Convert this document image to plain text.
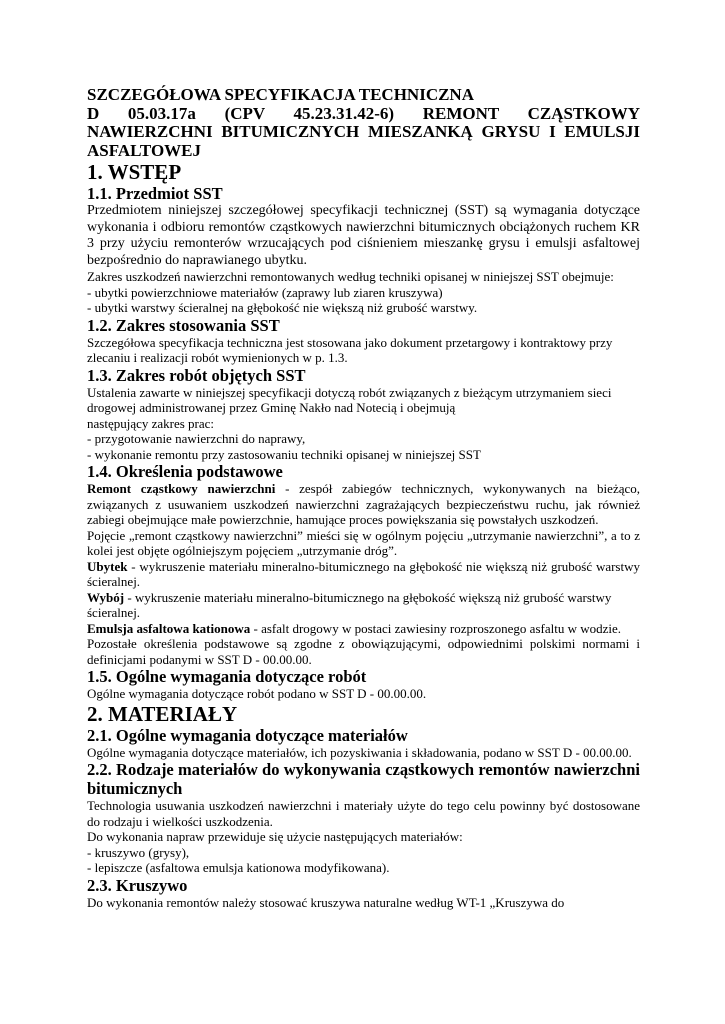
SZCZEGÓŁOWA SPECYFIKACJA TECHNICZNA

D 05.03.17a (CPV 45.23.31.42-6) REMONT CZĄSTKOWY NAWIERZCHNI BITUMICZNYCH MIESZANKĄ GRYSU I EMULSJI ASFALTOWEJ

1. WSTĘP

1.1. Przedmiot SST

Przedmiotem niniejszej szczegółowej specyfikacji technicznej (SST) są wymagania dotyczące wykonania i odbioru remontów cząstkowych nawierzchni bitumicznych obciążonych ruchem KR 3 przy użyciu remonterów wrzucających pod ciśnieniem mieszankę grysu i emulsji asfaltowej bezpośrednio do naprawianego ubytku.

Zakres uszkodzeń nawierzchni remontowanych według techniki opisanej w niniejszej SST obejmuje:

- ubytki powierzchniowe materiałów (zaprawy lub ziaren kruszywa)

- ubytki warstwy ścieralnej na głębokość nie większą niż grubość warstwy.

1.2. Zakres stosowania SST

Szczegółowa specyfikacja techniczna jest stosowana jako dokument przetargowy i kontraktowy przy zlecaniu i realizacji robót wymienionych w p. 1.3.

1.3. Zakres robót objętych SST

Ustalenia zawarte w niniejszej specyfikacji dotyczą robót związanych z bieżącym utrzymaniem sieci drogowej administrowanej przez Gminę Nakło nad Notecią i obejmują

następujący zakres prac:

- przygotowanie nawierzchni do naprawy,

- wykonanie remontu przy zastosowaniu techniki opisanej w niniejszej SST

1.4. Określenia podstawowe

Remont cząstkowy nawierzchni - zespół zabiegów technicznych, wykonywanych na bieżąco, związanych z usuwaniem uszkodzeń nawierzchni zagrażających bezpieczeństwu ruchu, jak również zabiegi obejmujące małe powierzchnie, hamujące proces powiększania się powstałych uszkodzeń.

Pojęcie „remont cząstkowy nawierzchni” mieści się w ogólnym pojęciu „utrzymanie nawierzchni”, a to z kolei jest objęte ogólniejszym pojęciem „utrzymanie dróg”.

Ubytek - wykruszenie materiału mineralno-bitumicznego na głębokość nie większą niż grubość warstwy ścieralnej.

Wybój - wykruszenie materiału mineralno-bitumicznego na głębokość większą niż grubość warstwy ścieralnej.

Emulsja asfaltowa kationowa - asfalt drogowy w postaci zawiesiny rozproszonego asfaltu w wodzie.

Pozostałe określenia podstawowe są zgodne z obowiązującymi, odpowiednimi polskimi normami i definicjami podanymi w SST D - 00.00.00.

1.5. Ogólne wymagania dotyczące robót

Ogólne wymagania dotyczące robót podano w SST D - 00.00.00.

2. MATERIAŁY

2.1. Ogólne wymagania dotyczące materiałów

Ogólne wymagania dotyczące materiałów, ich pozyskiwania i składowania, podano w SST D - 00.00.00.

2.2. Rodzaje materiałów do wykonywania cząstkowych remontów nawierzchni bitumicznych

Technologia usuwania uszkodzeń nawierzchni i materiały użyte do tego celu powinny być dostosowane do rodzaju i wielkości uszkodzenia.

Do wykonania napraw przewiduje się użycie następujących materiałów:

- kruszywo (grysy),

- lepiszcze (asfaltowa emulsja kationowa modyfikowana).

2.3. Kruszywo

Do wykonania remontów należy stosować kruszywa naturalne według WT-1 „Kruszywa do
